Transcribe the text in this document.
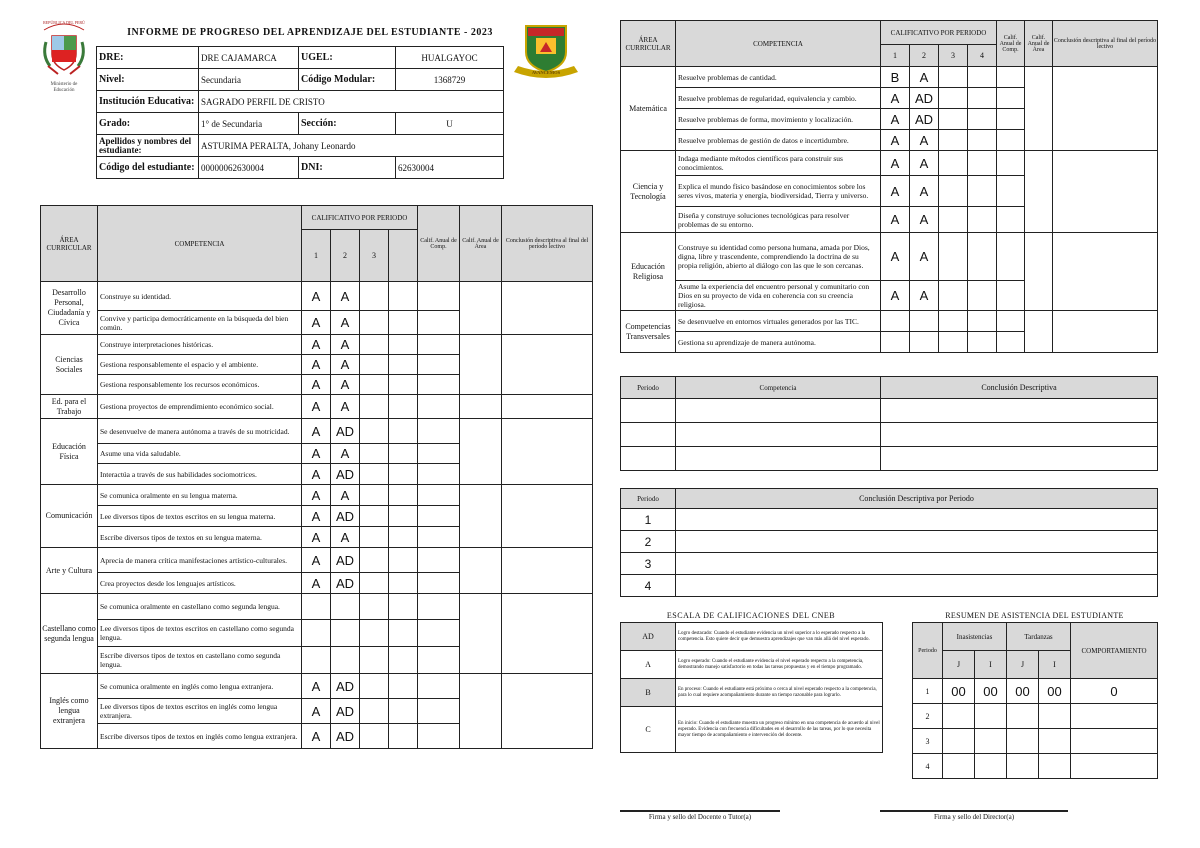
REPÚBLICA DEL PERÚ
Ministerio de Educación
INFORME DE PROGRESO DEL APRENDIZAJE DEL ESTUDIANTE - 2023
AVANCEMOS
DRE:	DRE CAJAMARCA	UGEL:	HUALGAYOC
Nivel:	Secundaria	Código Modular:	1368729
Institución Educativa:	SAGRADO PERFIL DE CRISTO		
Grado:	1° de Secundaria	Sección:	U
Apellidos y nombres del estudiante:	ASTURIMA PERALTA, Johany Leonardo		
Código del estudiante:	00000062630004	DNI:	62630004
ÁREA CURRICULAR	COMPETENCIA	CALIFICATIVO POR PERIODO				Calif. Anual de Comp.	Calif. Anual de Área	Conclusión descriptiva al final del período lectivo
		1	2	3				
Desarrollo Personal, Ciudadanía y Cívica	Construye su identidad.	A	A					
	Convive y participa democráticamente en la búsqueda del bien común.	A	A					
Ciencias Sociales	Construye interpretaciones históricas.	A	A					
	Gestiona responsablemente el espacio y el ambiente.	A	A					
	Gestiona responsablemente los recursos económicos.	A	A					
Ed. para el Trabajo	Gestiona proyectos de emprendimiento económico social.	A	A					
Educación Física	Se desenvuelve de manera autónoma a través de su motricidad.	A	AD					
	Asume una vida saludable.	A	A					
	Interactúa a través de sus habilidades sociomotrices.	A	AD					
Comunicación	Se comunica oralmente en su lengua materna.	A	A					
	Lee diversos tipos de textos escritos en su lengua materna.	A	AD					
	Escribe diversos tipos de textos en su lengua materna.	A	A					
Arte y Cultura	Aprecia de manera crítica manifestaciones artístico-culturales.	A	AD					
	Crea proyectos desde los lenguajes artísticos.	A	AD					
Castellano como segunda lengua	Se comunica oralmente en castellano como segunda lengua.							
	Lee diversos tipos de textos escritos en castellano como segunda lengua.							
	Escribe diversos tipos de textos en castellano como segunda lengua.							
Inglés como lengua extranjera	Se comunica oralmente en inglés como lengua extranjera.	A	AD					
	Lee diversos tipos de textos escritos en inglés como lengua extranjera.	A	AD					
	Escribe diversos tipos de textos en inglés como lengua extranjera.	A	AD					
ÁREA CURRICULAR	COMPETENCIA	CALIFICATIVO POR PERIODO				Calif. Anual de Comp.	Calif. Anual de Área	Conclusión descriptiva al final del período lectivo
		1	2	3	4			
Matemática	Resuelve problemas de cantidad.	B	A					
	Resuelve problemas de regularidad, equivalencia y cambio.	A	AD					
	Resuelve problemas de forma, movimiento y localización.	A	AD					
	Resuelve problemas de gestión de datos e incertidumbre.	A	A					
Ciencia y Tecnología	Indaga mediante métodos científicos para construir sus conocimientos.	A	A					
	Explica el mundo físico basándose en conocimientos sobre los seres vivos, materia y energía, biodiversidad, Tierra y universo.	A	A					
	Diseña y construye soluciones tecnológicas para resolver problemas de su entorno.	A	A					
Educación Religiosa	Construye su identidad como persona humana, amada por Dios, digna, libre y trascendente, comprendiendo la doctrina de su propia religión, abierto al diálogo con las que le son cercanas.	A	A					
	Asume la experiencia del encuentro personal y comunitario con Dios en su proyecto de vida en coherencia con su creencia religiosa.	A	A					
Competencias Transversales	Se desenvuelve en entornos virtuales generados por las TIC.							
	Gestiona su aprendizaje de manera autónoma.							
Periodo	Competencia	Conclusión Descriptiva

Periodo	Conclusión Descriptiva por Periodo
1	
2	
3	
4	
ESCALA DE CALIFICACIONES DEL CNEB
AD	Logro destacado: Cuando el estudiante evidencia un nivel superior a lo esperado respecto a la competencia. Esto quiere decir que demuestra aprendizajes que van más allá del nivel esperado.
A	Logro esperado: Cuando el estudiante evidencia el nivel esperado respecto a la competencia, demostrando manejo satisfactorio en todas las tareas propuestas y en el tiempo programado.
B	En proceso: Cuando el estudiante está próximo o cerca al nivel esperado respecto a la competencia, para lo cual requiere acompañamiento durante un tiempo razonable para lograrlo.
C	En inicio: Cuando el estudiante muestra un progreso mínimo en una competencia de acuerdo al nivel esperado. Evidencia con frecuencia dificultades en el desarrollo de las tareas, por lo que necesita mayor tiempo de acompañamiento e intervención del docente.
RESUMEN DE ASISTENCIA DEL ESTUDIANTE
Periodo	Inasistencias		Tardanzas		COMPORTAMIENTO
	J	I	J	I	
1	00	00	00	00	0
2					
3					
4					
Firma y sello del Docente o Tutor(a)	Firma y sello del Director(a)
